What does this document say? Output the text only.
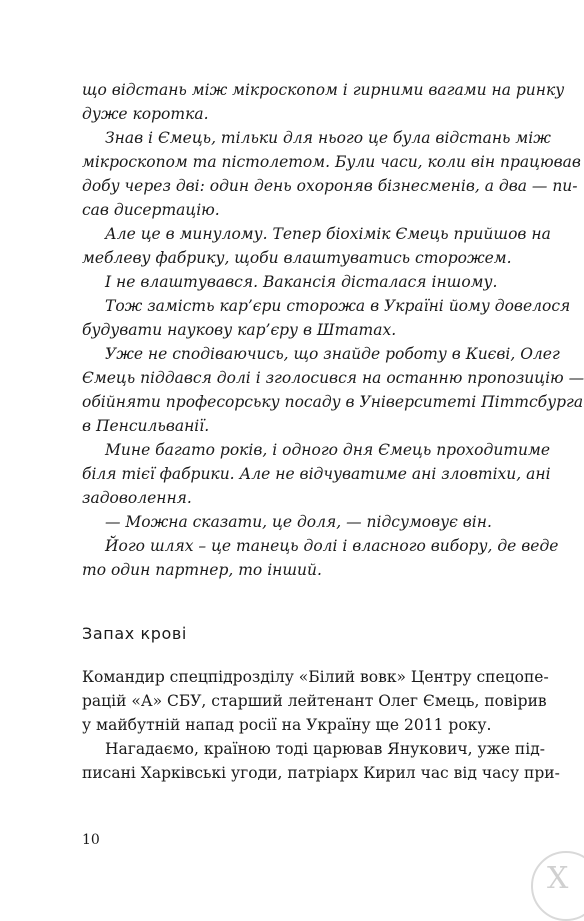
що відстань між мікроскопом і гирними вагами на ринку
дуже коротка.
Знав і Ємець, тільки для нього це була відстань між
мікроскопом та пістолетом. Були часи, коли він працював
добу через дві: один день охороняв бізнесменів, а два — пи-
сав дисертацію.
Але це в минулому. Тепер біохімік Ємець прийшов на
меблеву фабрику, щоби влаштуватись сторожем.
І не влаштувався. Вакансія дісталася іншому.
Тож замість кар’єри сторожа в Україні йому довелося
будувати наукову кар’єру в Штатах.
Уже не сподіваючись, що знайде роботу в Києві, Олег
Ємець піддався долі і зголосився на останню пропозицію —
обійняти професорську посаду в Університеті Піттсбурга
в Пенсильванії.
Мине багато років, і одного дня Ємець проходитиме
біля тієї фабрики. Але не відчуватиме ані зловтіхи, ані
задоволення.
— Можна сказати, це доля, — підсумовує він.
Його шлях – це танець долі і власного вибору, де веде
то один партнер, то інший.
Запах крові
Командир спецпідрозділу «Білий вовк» Центру спецопе-
рацій «А» СБУ, старший лейтенант Олег Ємець, повірив
у майбутній напад росії на Україну ще 2011 року.
Нагадаємо, країною тоді царював Янукович, уже під-
писані Харківські угоди, патріарх Кирил час від часу при-
10
Х
